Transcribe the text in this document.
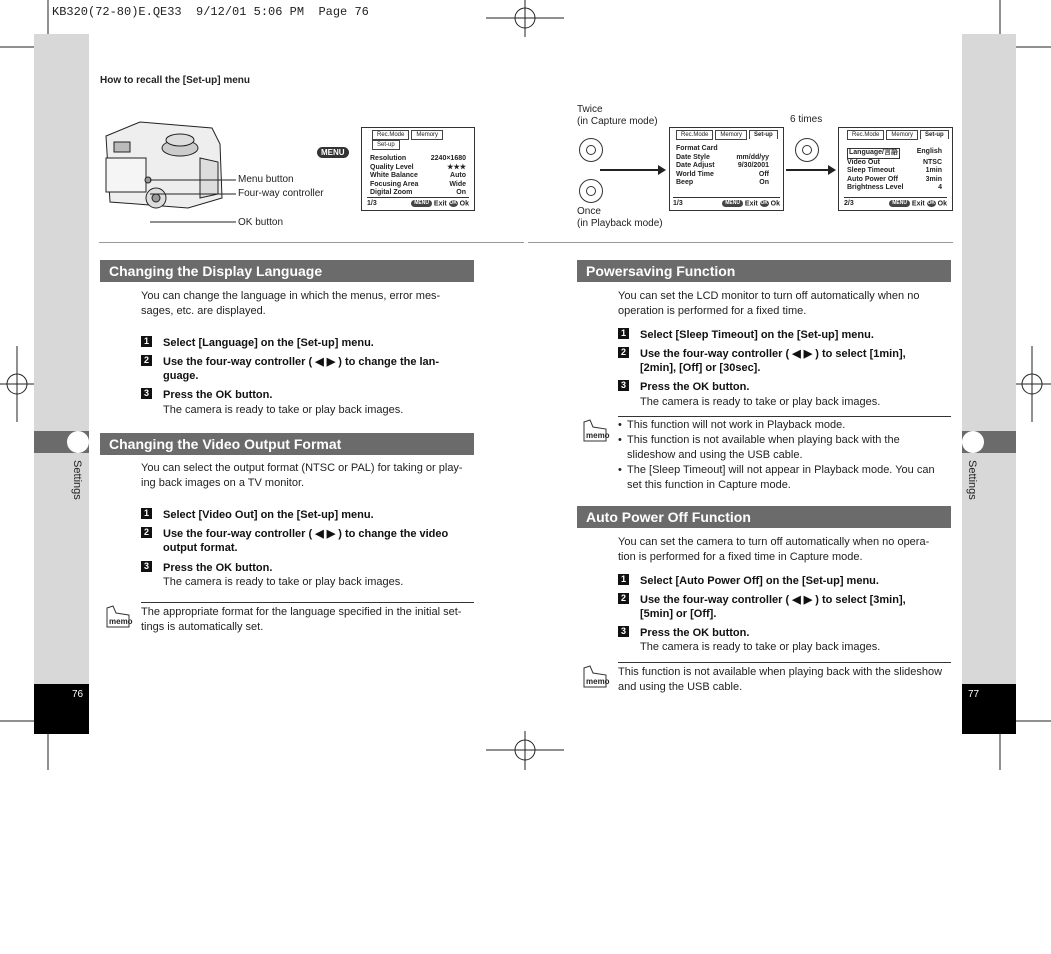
KB320(72-80)E.QE33  9/12/01 5:06 PM  Page 76
76
Settings
77
Settings
How to recall the [Set-up] menu
MENU
Menu button
Four-way controller
OK button
Rec.Mode MemorySet-up
Resolution	2240×1680
Quality Level	★★★
White Balance	Auto
Focusing Area	Wide
Digital Zoom	On
1/3	MENU Exit OK Ok
Changing the Display Language
You can change the language in which the menus, error mes-
sages, etc. are displayed.
1 Select [Language] on the [Set-up] menu.
2 Use the four-way controller ( ◀ ▶ ) to change the lan-
guage.
3 Press the OK button.
The camera is ready to take or play back images.
Changing the Video Output Format
You can select the output format (NTSC or PAL) for taking or play-
ing back images on a TV monitor.
1 Select [Video Out] on the [Set-up] menu.
2 Use the four-way controller ( ◀ ▶ ) to change the video
output format.
3 Press the OK button.
The camera is ready to take or play back images.
memo
The appropriate format for the language specified in the initial set-
tings is automatically set.
Twice
(in Capture mode)
Once
(in Playback mode)
6 times
Rec.Mode Memory Set-up
Format Card
Date Style	mm/dd/yy
Date Adjust	9/30/2001
World Time	Off
Beep	On
1/3	MENU Exit OK Ok
Rec.Mode Memory Set-up
Language/言語	English
Video Out	NTSC
Sleep Timeout	1min
Auto Power Off	3min
Brightness Level	4
2/3	MENU Exit OK Ok
Powersaving Function
You can set the LCD monitor to turn off automatically when no
operation is performed for a fixed time.
1 Select [Sleep Timeout] on the [Set-up] menu.
2 Use the four-way controller ( ◀ ▶ ) to select [1min],
[2min], [Off] or [30sec].
3 Press the OK button.
The camera is ready to take or play back images.
memo
• This function will not work in Playback mode.
• This function is not available when playing back with the
slideshow and using the USB cable.
• The [Sleep Timeout] will not appear in Playback mode. You can
set this function in Capture mode.
Auto Power Off Function
You can set the camera to turn off automatically when no opera-
tion is performed for a fixed time in Capture mode.
1 Select [Auto Power Off] on the [Set-up] menu.
2 Use the four-way controller ( ◀ ▶ ) to select [3min],
[5min] or [Off].
3 Press the OK button.
The camera is ready to take or play back images.
memo
This function is not available when playing back with the slideshow
and using the USB cable.
